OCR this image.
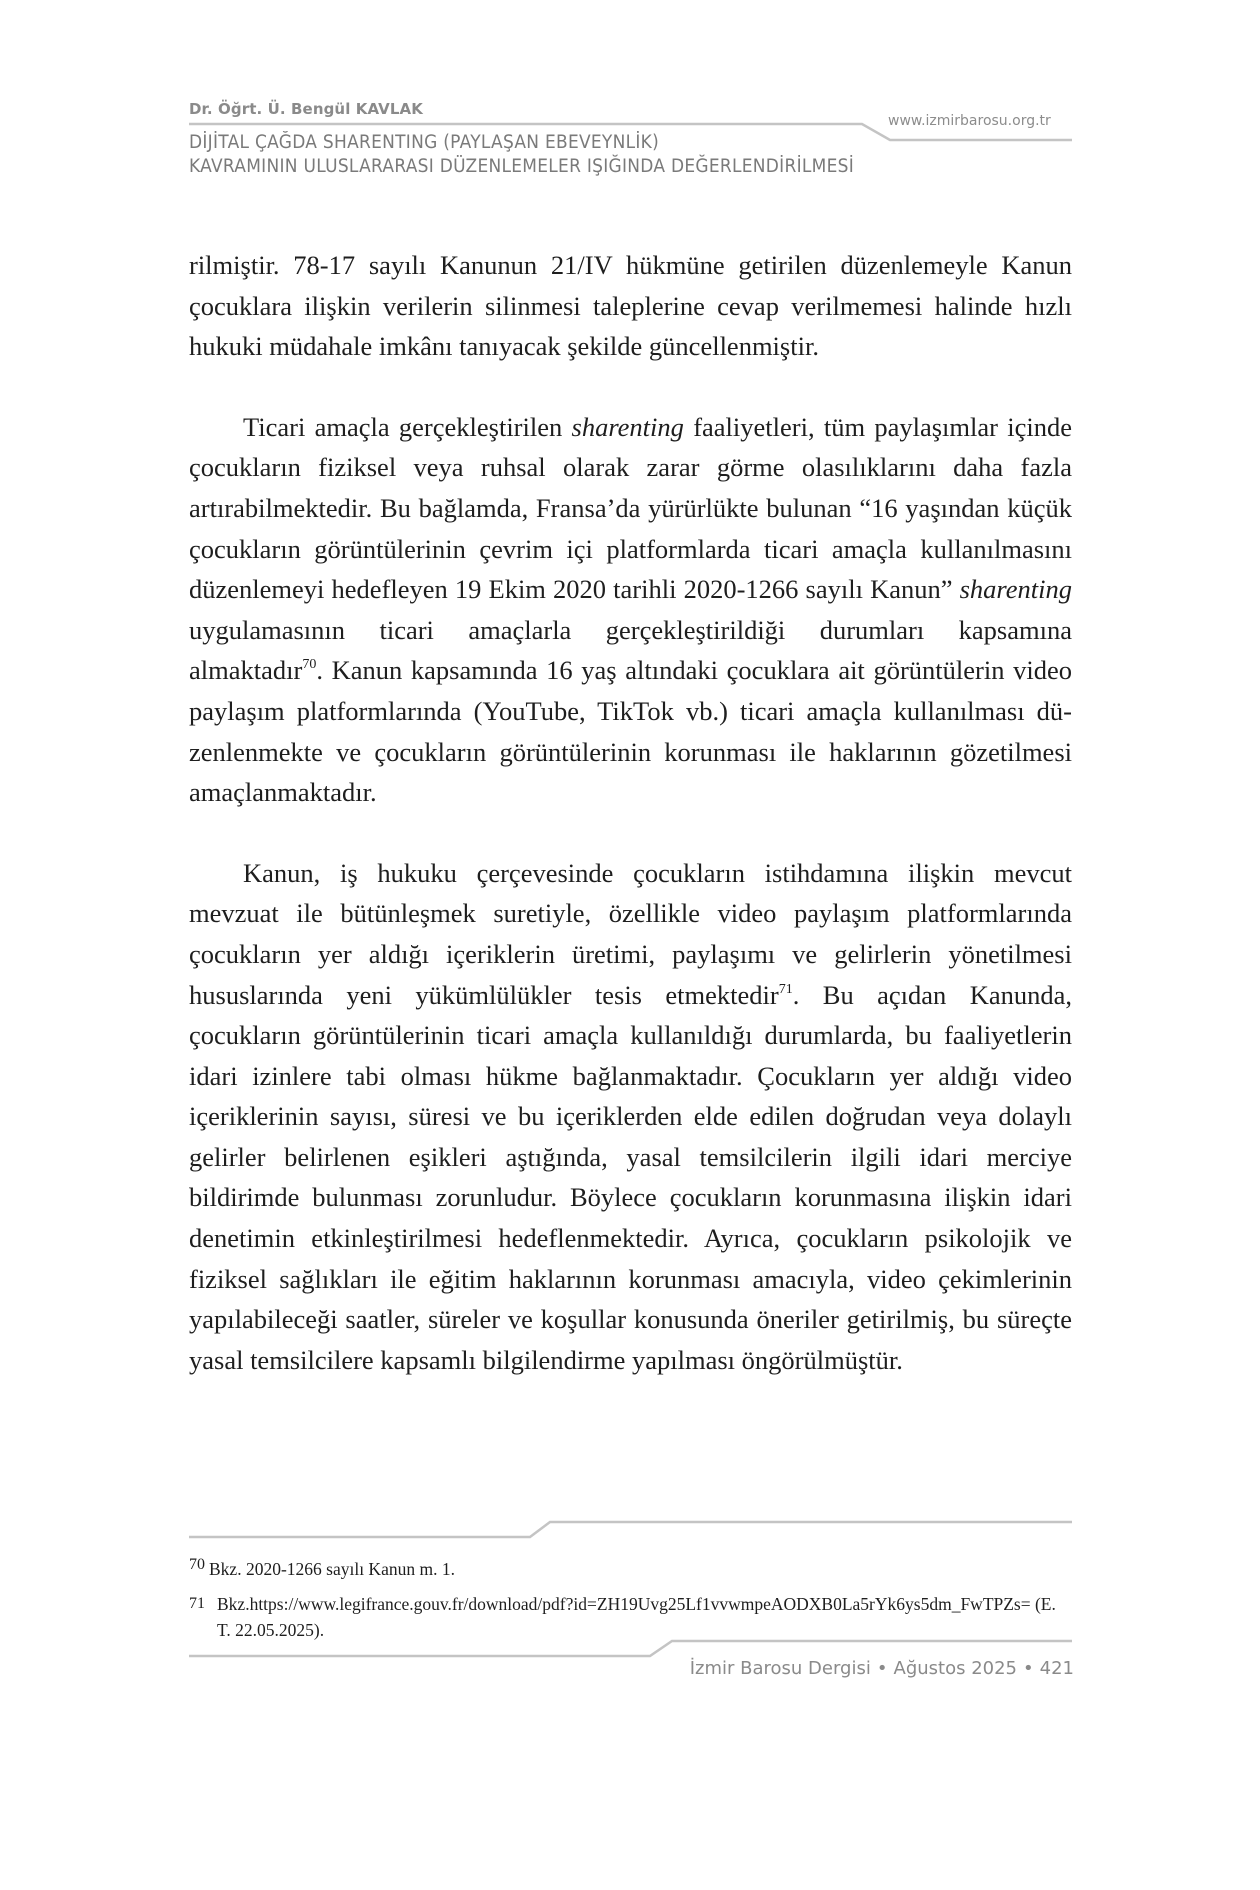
Dr. Öğrt. Ü. Bengül KAVLAK
DİJİTAL ÇAĞDA SHARENTING (PAYLAŞAN EBEVEYNLİK)
KAVRAMININ ULUSLARARASI DÜZENLEMELER IŞIĞINDA DEĞERLENDİRİLMESİ
www.izmirbarosu.org.tr

rilmiştir. 78-17 sayılı Kanunun 21/IV hükmüne getirilen düzenlemeyle Kanun çocuklara ilişkin verilerin silinmesi taleplerine cevap verilmemesi halinde hızlı hukuki müdahale imkânı tanıyacak şekilde güncellenmiştir.

Ticari amaçla gerçekleştirilen sharenting faaliyetleri, tüm paylaşımlar içinde çocukların fiziksel veya ruhsal olarak zarar görme olasılıklarını daha fazla artırabilmektedir. Bu bağlamda, Fransa’da yürürlükte bulunan “16 yaşından küçük çocukların görüntülerinin çevrim içi platformlarda ticari amaçla kullanılmasını düzenlemeyi hedefleyen 19 Ekim 2020 tarihli 2020-1266 sayılı Kanun” sharenting uygulamasının ticari amaçlarla gerçekleştirildiği durumları kapsamına almaktadır$^{70}$. Kanun kapsamında 16 yaş altındaki çocuklara ait görüntülerin video paylaşım platformlarında (YouTube, TikTok vb.) ticari amaçla kullanılması düzenlenmekte ve çocukların görüntülerinin korunması ile haklarının gözetilmesi amaçlanmaktadır.

Kanun, iş hukuku çerçevesinde çocukların istihdamına ilişkin mevcut mevzuat ile bütünleşmek suretiyle, özellikle video paylaşım platformlarında çocukların yer aldığı içeriklerin üretimi, paylaşımı ve gelirlerin yönetilmesi hususlarında yeni yükümlülükler tesis etmektedir$^{71}$. Bu açıdan Kanunda, çocukların görüntülerinin ticari amaçla kullanıldığı durumlarda, bu faaliyetlerin idari izinlere tabi olması hükme bağlanmaktadır. Çocukların yer aldığı video içeriklerinin sayısı, süresi ve bu içeriklerden elde edilen doğrudan veya dolaylı gelirler belirlenen eşikleri aştığında, yasal temsilcilerin ilgili idari merciye bildirimde bulunması zorunludur. Böylece çocukların korunmasına ilişkin idari denetimin etkinleştirilmesi hedeflenmektedir. Ayrıca, çocukların psikolojik ve fiziksel sağlıkları ile eğitim haklarının korunması amacıyla, video çekimlerinin yapılabileceği saatler, süreler ve koşullar konusunda öneriler getirilmiş, bu süreçte yasal temsilcilere kapsamlı bilgilendirme yapılması öngörülmüştür.

70 Bkz. 2020-1266 sayılı Kanun m. 1.
71 Bkz.https://www.legifrance.gouv.fr/download/pdf?id=ZH19Uvg25Lf1vvwmpeAODXB0La5rYk6ys5dm_FwTPZs= (E.T. 22.05.2025).
İzmir Barosu Dergisi • Ağustos 2025 • 421
